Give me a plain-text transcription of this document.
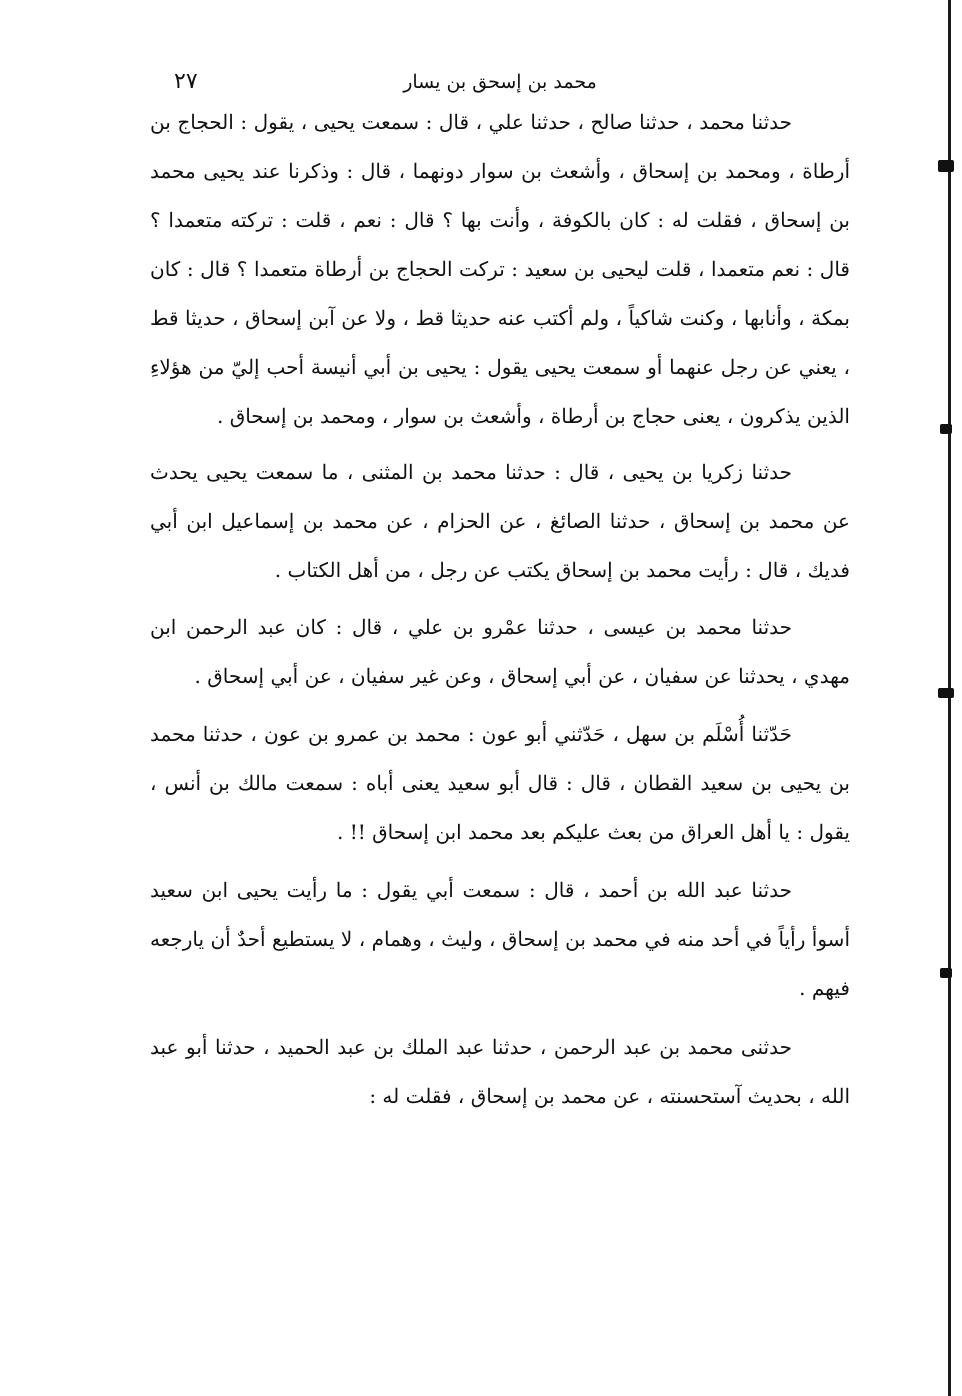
محمد بن إسحق بن يسار
٢٧

حدثنا محمد ، حدثنا صالح ، حدثنا علي ، قال : سمعت يحيى ، يقول : الحجاج بن أرطاة ، ومحمد بن إسحاق ، وأشعث بن سوار دونهما ، قال : وذكرنا عند يحيى محمد بن إسحاق ، فقلت له : كان بالكوفة ، وأنت بها ؟ قال : نعم ، قلت : تركته متعمدا ؟ قال : نعم متعمدا ، قلت ليحيى بن سعيد : تركت الحجاج بن أرطاة متعمدا ؟ قال : كان بمكة ، وأنابها ، وكنت شاكياً ، ولم أكتب عنه حديثا قط ، ولا عن آبن إسحاق ، حديثا قط ، يعني عن رجل عنهما أو سمعت يحيى يقول : يحيى بن أبي أنيسة أحب إليّ من هؤلاءِ الذين يذكرون ، يعنى حجاج بن أرطاة ، وأشعث بن سوار ، ومحمد بن إسحاق .

حدثنا زكريا بن يحيى ، قال : حدثنا محمد بن المثنى ، ما سمعت يحيى يحدث عن محمد بن إسحاق ، حدثنا الصائغ ، عن الحزام ، عن محمد بن إسماعيل ابن أبي فديك ، قال : رأيت محمد بن إسحاق يكتب عن رجل ، من أهل الكتاب .

حدثنا محمد بن عيسى ، حدثنا عمْرو بن علي ، قال : كان عبد الرحمن ابن مهدي ، يحدثنا عن سفيان ، عن أبي إسحاق ، وعن غير سفيان ، عن أبي إسحاق .

حَدّثنا أُسْلَم بن سهل ، حَدّثني أبو عون : محمد بن عمرو بن عون ، حدثنا محمد بن يحيى بن سعيد القطان ، قال : قال أبو سعيد يعنى أباه : سمعت مالك بن أنس ، يقول : يا أهل العراق من بعث عليكم بعد محمد ابن إسحاق !! .

حدثنا عبد الله بن أحمد ، قال : سمعت أبي يقول : ما رأيت يحيى ابن سعيد أسوأ رأياً في أحد منه في محمد بن إسحاق ، وليث ، وهمام ، لا يستطيع أحدٌ أن يارجعه فيهم .

حدثنى محمد بن عبد الرحمن ، حدثنا عبد الملك بن عبد الحميد ، حدثنا أبو عبد الله ، بحديث آستحسنته ، عن محمد بن إسحاق ، فقلت له :
